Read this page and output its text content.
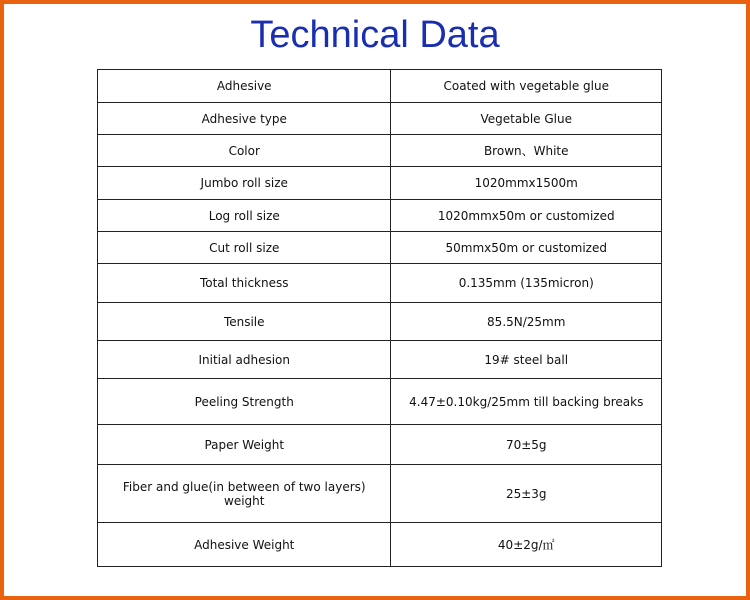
Technical Data
Adhesive	Coated with vegetable glue
Adhesive type	Vegetable Glue
Color	Brown、White
Jumbo roll size	1020mmx1500m
Log roll size	1020mmx50m or customized
Cut roll size	50mmx50m or customized
Total thickness	0.135mm (135micron)
Tensile	85.5N/25mm
Initial adhesion	19# steel ball
Peeling Strength	4.47±0.10kg/25mm till backing breaks
Paper Weight	70±5g
Fiber and glue(in between of two layers) weight	25±3g
Adhesive Weight	40±2g/㎡
